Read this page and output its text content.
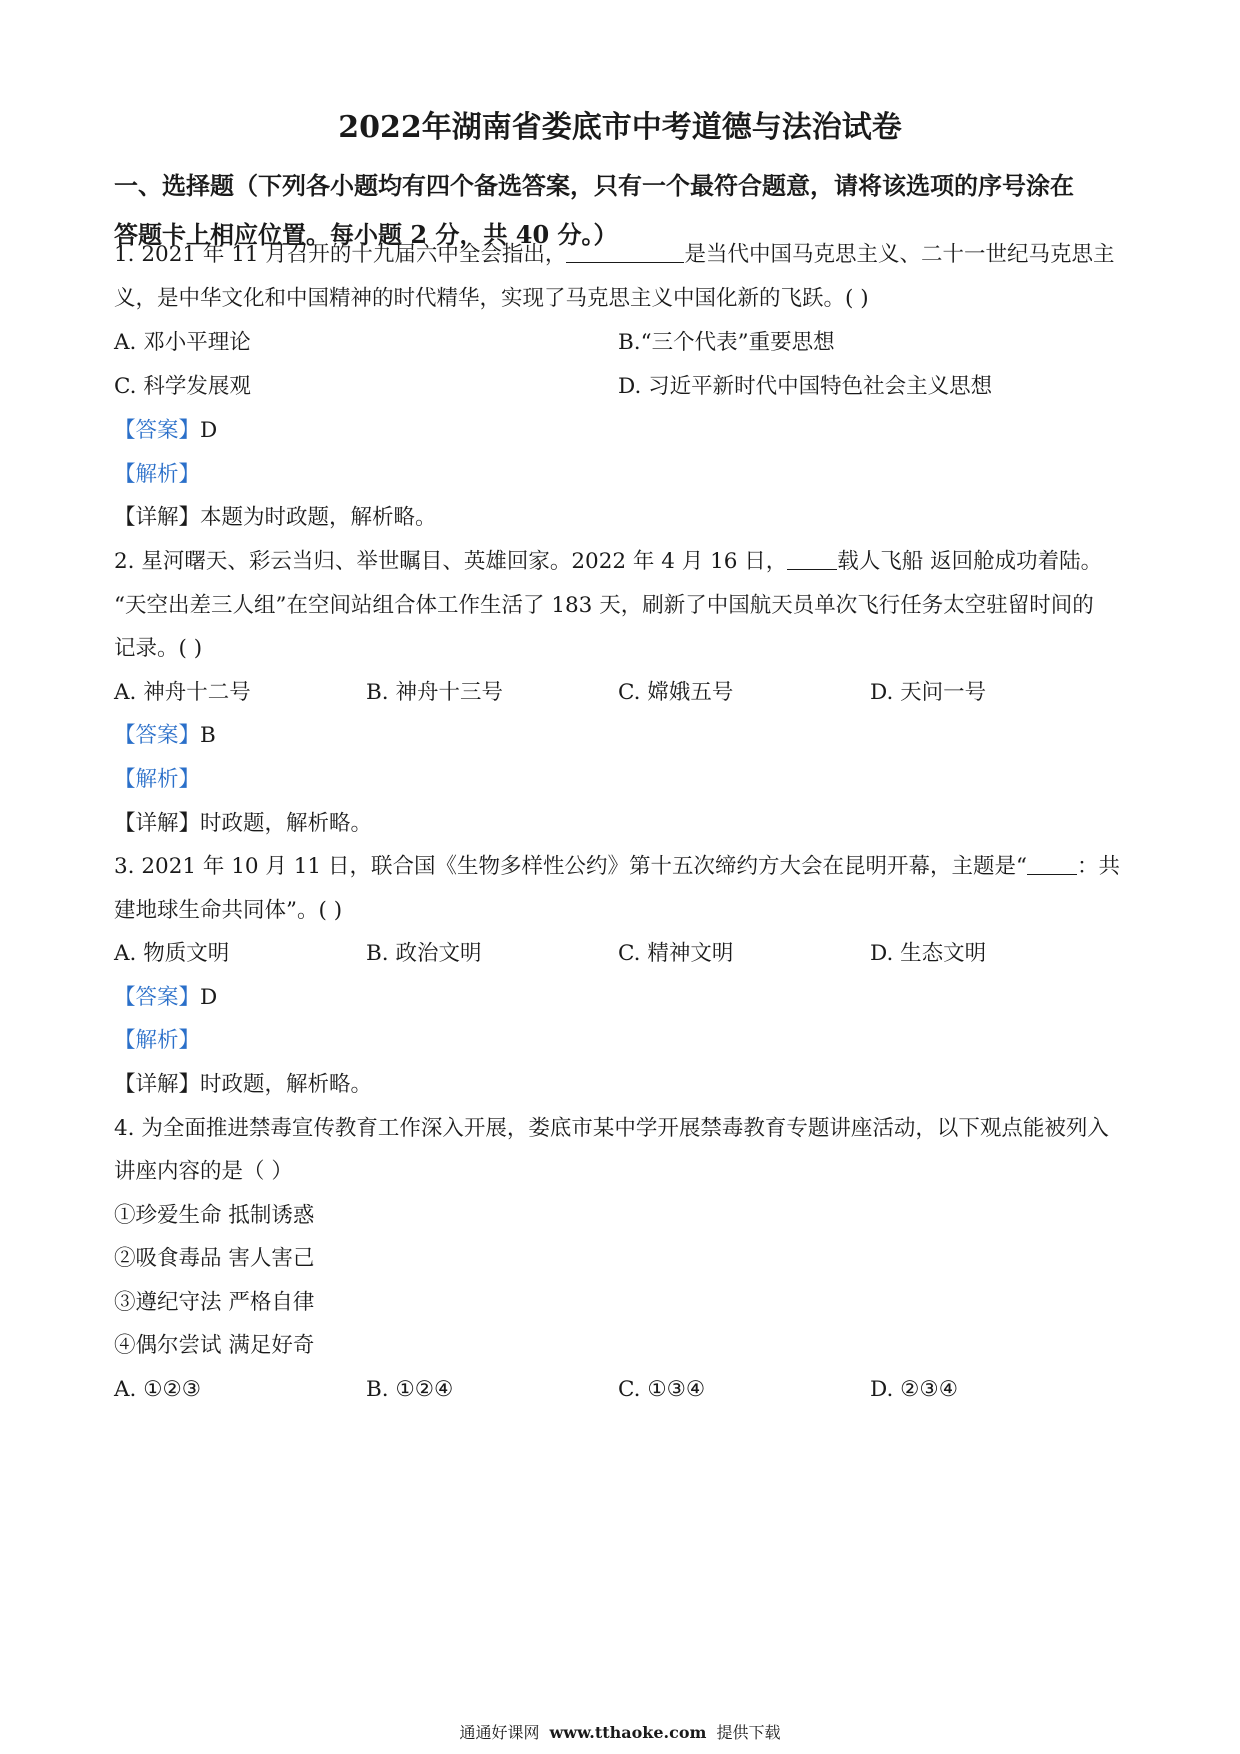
2022年湖南省娄底市中考道德与法治试卷
一、选择题（下列各小题均有四个备选答案，只有一个最符合题意，请将该选项的序号涂在
答题卡上相应位置。每小题 2 分，共 40 分。）
1. 2021 年 11 月召开的十九届六中全会指出，	是当代中国马克思主义、二十一世纪马克思主
义，是中华文化和中国精神的时代精华，实现了马克思主义中国化新的飞跃。( )
A. 邓小平理论	B.“三个代表”重要思想
C. 科学发展观	D. 习近平新时代中国特色社会主义思想
【答案】D
【解析】
【详解】本题为时政题，解析略。
2. 星河曙天、彩云当归、举世瞩目、英雄回家。2022 年 4 月 16 日， 载人飞船 返回舱成功着陆。
“天空出差三人组”在空间站组合体工作生活了 183 天，刷新了中国航天员单次飞行任务太空驻留时间的
记录。( )
A. 神舟十二号	B. 神舟十三号	C. 嫦娥五号	D. 天问一号
【答案】B
【解析】
【详解】时政题，解析略。
3. 2021 年 10 月 11 日，联合国《生物多样性公约》第十五次缔约方大会在昆明开幕，主题是“ ：共
建地球生命共同体”。( )
A. 物质文明	B. 政治文明	C. 精神文明	D. 生态文明
【答案】D
【解析】
【详解】时政题，解析略。
4. 为全面推进禁毒宣传教育工作深入开展，娄底市某中学开展禁毒教育专题讲座活动，以下观点能被列入
讲座内容的是（ ）
①珍爱生命 抵制诱惑
②吸食毒品 害人害己
③遵纪守法 严格自律
④偶尔尝试 满足好奇
A. ①②③	B. ①②④	C. ①③④	D. ②③④
通通好课网 www.tthaoke.com 提供下载
